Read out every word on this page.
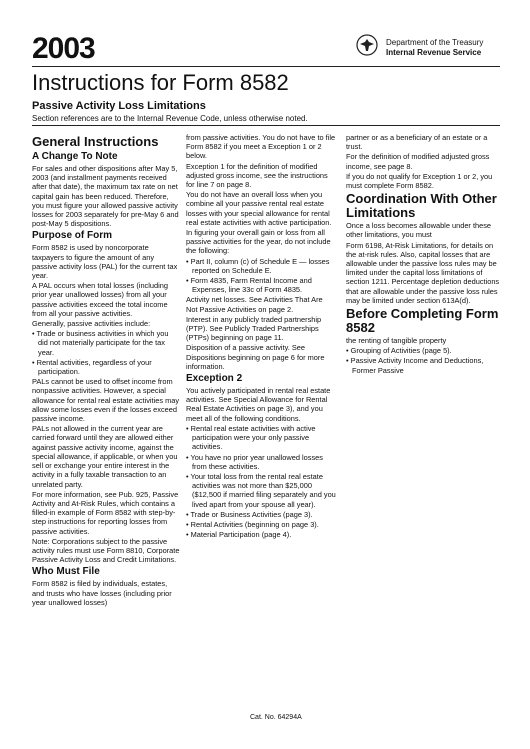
2003
Instructions for Form 8582
Passive Activity Loss Limitations
Section references are to the Internal Revenue Code, unless otherwise noted.
Department of the Treasury
Internal Revenue Service
General Instructions
A Change To Note

For sales and other dispositions after May 5, 2003 (and installment payments received after that date), the maximum tax rate on net capital gain has been reduced. Therefore, you must figure your allowed passive activity losses for 2003 separately for pre-May 6 and post-May 5 dispositions.

Purpose of Form

Form 8582 is used by noncorporate taxpayers to figure the amount of any passive activity loss (PAL) for the current tax year.

A PAL occurs when total losses (including prior year unallowed losses) from all your passive activities exceed the total income from all your passive activities.

Generally, passive activities include:

• Trade or business activities in which you did not materially participate for the tax year.

• Rental activities, regardless of your participation.

PALs cannot be used to offset income from nonpassive activities. However, a special allowance for rental real estate activities may allow some losses even if the losses exceed passive income.

PALs not allowed in the current year are carried forward until they are allowed either against passive activity income, against the special allowance, if applicable, or when you sell or exchange your entire interest in the activity in a fully taxable transaction to an unrelated party.

For more information, see Pub. 925, Passive Activity and At-Risk Rules, which contains a filled-in example of Form 8582 with step-by-step instructions for reporting losses from passive activities.

Note: Corporations subject to the passive activity rules must use Form 8810, Corporate Passive Activity Loss and Credit Limitations.

Who Must File

Form 8582 is filed by individuals, estates, and trusts who have losses (including prior year unallowed losses)

from passive activities. You do not have to file Form 8582 if you meet a Exception 1 or 2 below.

Exception 1 for the definition of modified adjusted gross income, see the instructions for line 7 on page 8.

You do not have an overall loss when you combine all your passive rental real estate losses with your special allowance for rental real estate activities with active participation.

In figuring your overall gain or loss from all passive activities for the year, do not include the following:

• Part II, column (c) of Schedule E — losses reported on Schedule E.

• Form 4835, Farm Rental Income and Expenses, line 33c of Form 4835.

Activity net losses. See Activities That Are Not Passive Activities on page 2.

Interest in any publicly traded partnership (PTP). See Publicly Traded Partnerships (PTPs) beginning on page 11.

Disposition of a passive activity. See Dispositions beginning on page 6 for more information.

Exception 2

You actively participated in rental real estate activities. See Special Allowance for Rental Real Estate Activities on page 3), and you meet all of the following conditions.

• Rental real estate activities with active participation were your only passive activities.

• You have no prior year unallowed losses from these activities.

• Your total loss from the rental real estate activities was not more than $25,000 ($12,500 if married filing separately and you lived apart from your spouse all year).

• Trade or Business Activities (page 3).

• Rental Activities (beginning on page 3).

• Material Participation (page 4).

partner or as a beneficiary of an estate or a trust.

For the definition of modified adjusted gross income, see page 8.

If you do not qualify for Exception 1 or 2, you must complete Form 8582.

Coordination With Other Limitations

Once a loss becomes allowable under these other limitations, you must

Form 6198, At-Risk Limitations, for details on the at-risk rules. Also, capital losses that are allowable under the passive loss rules may be limited under the capital loss limitations of section 1211. Percentage depletion deductions that are allowable under the passive loss rules may be limited under section 613A(d).

Before Completing Form 8582

the renting of tangible property

• Grouping of Activities (page 5).

• Passive Activity Income and Deductions, Former Passive

Cat. No. 64294A
